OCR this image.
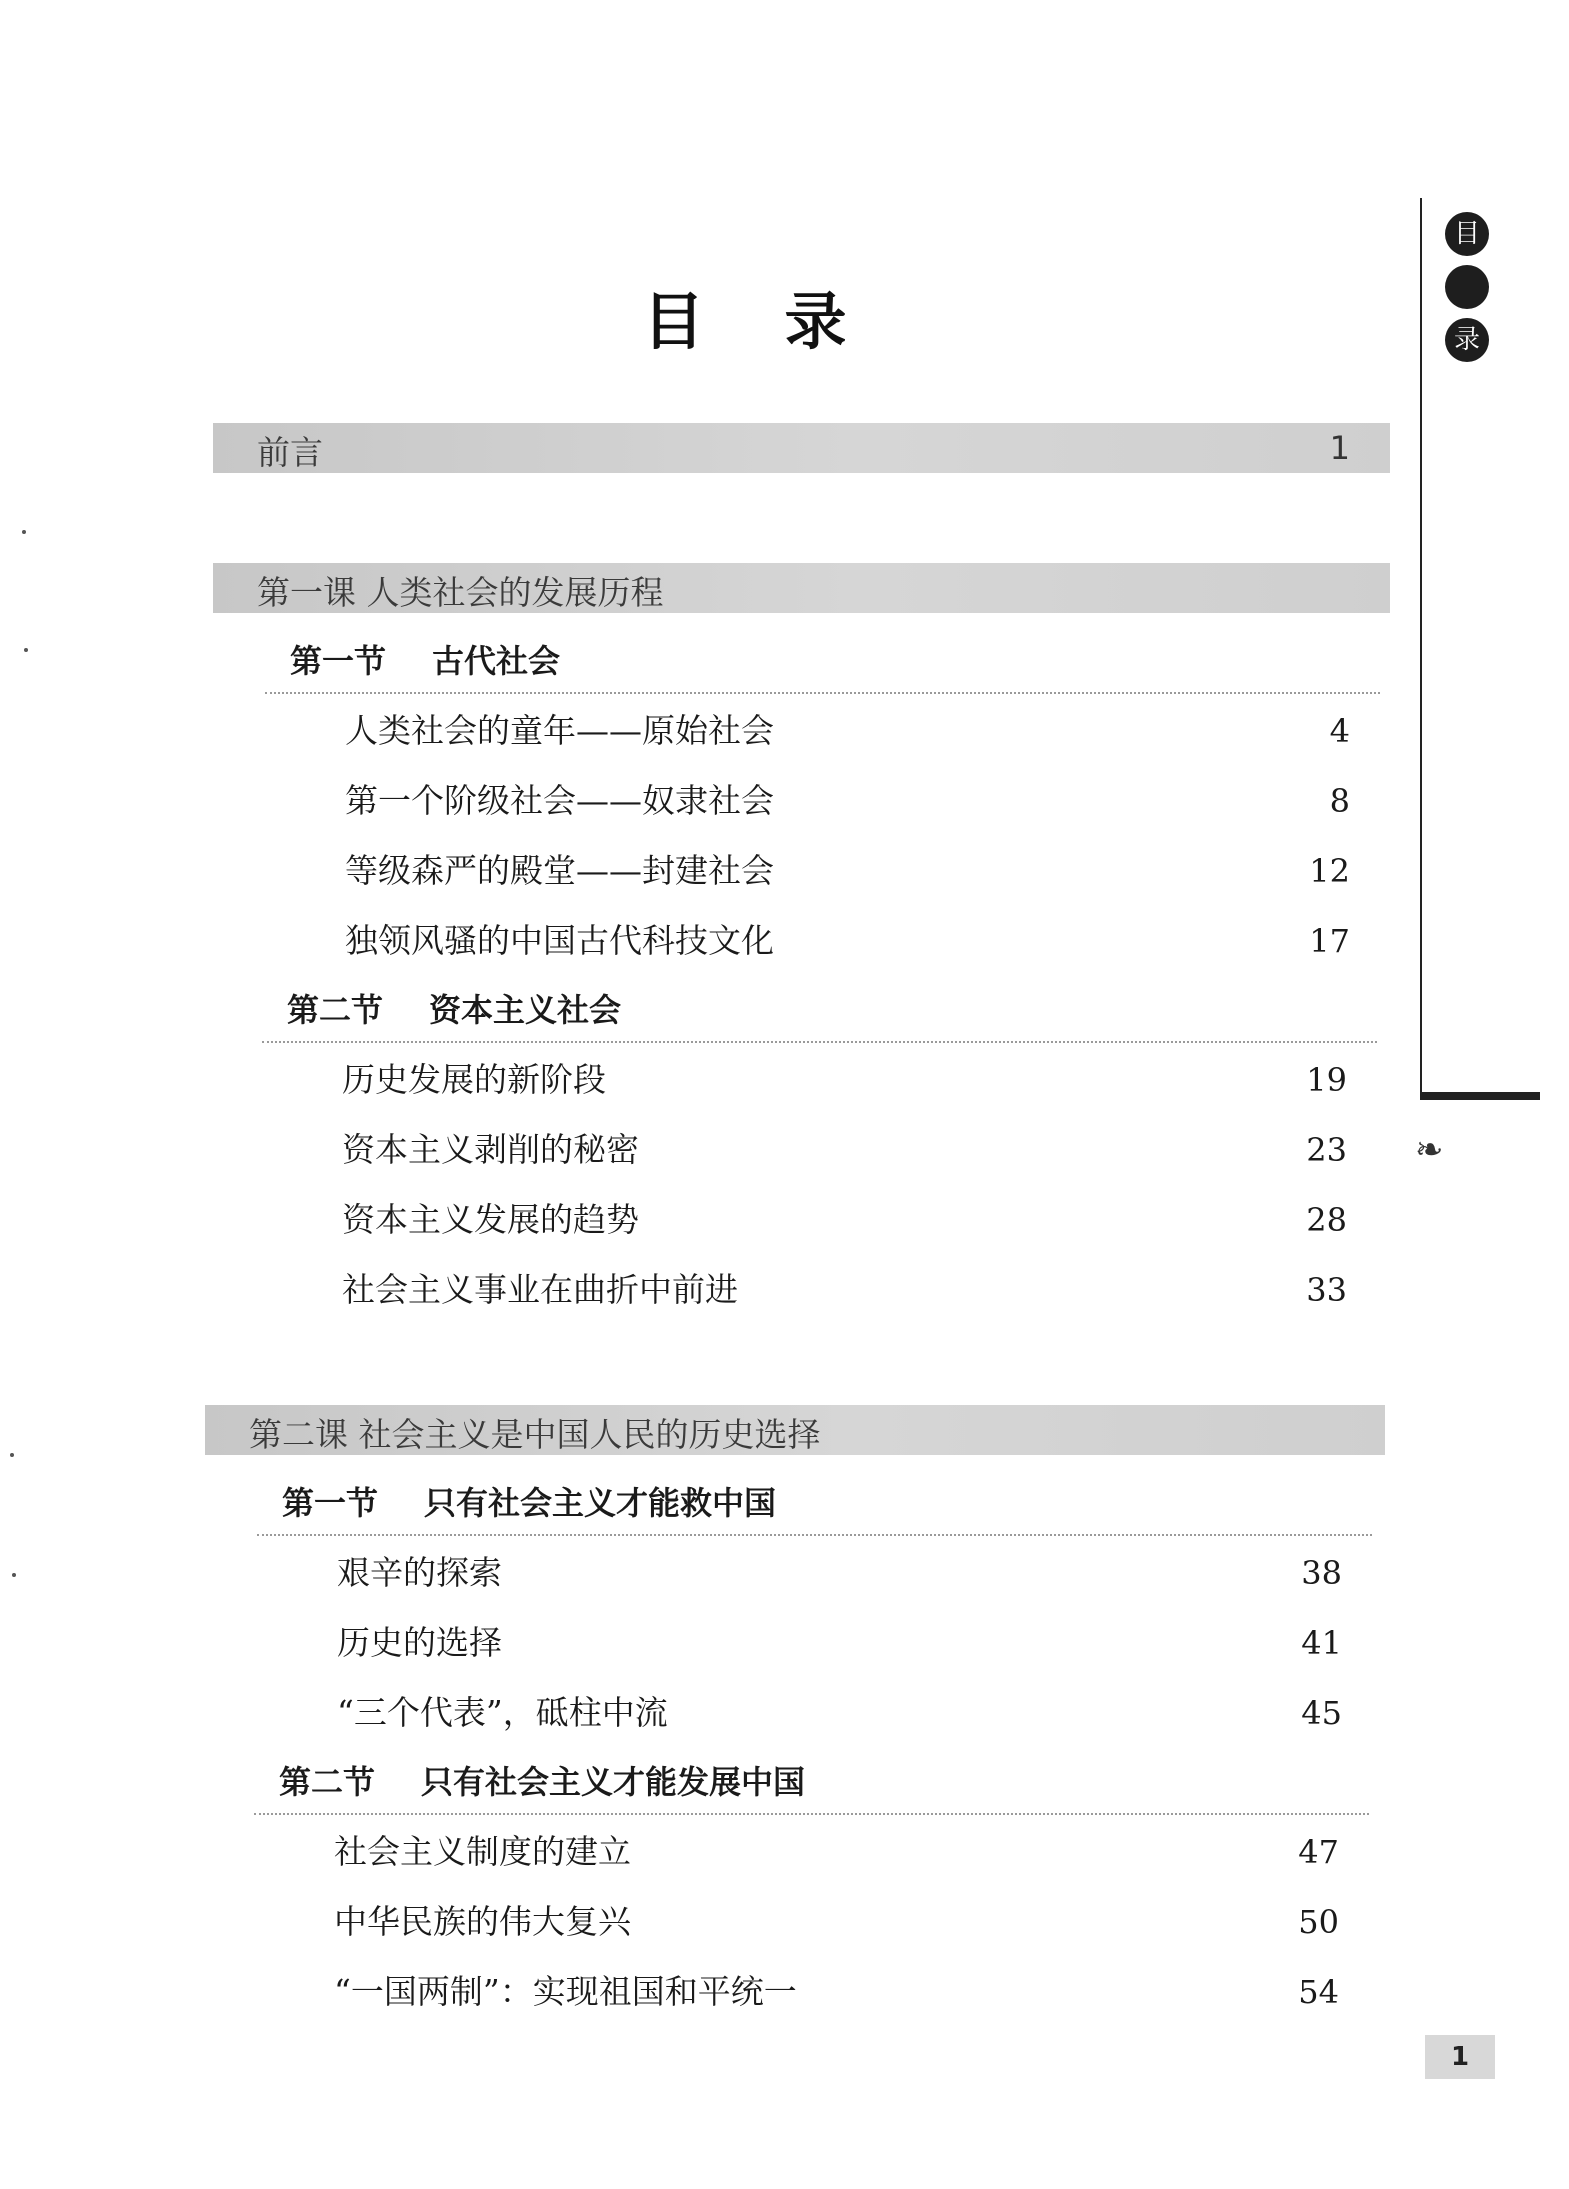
目录
前言	1
第一课 人类社会的发展历程
第一节 古代社会
人类社会的童年——原始社会	4
第一个阶级社会——奴隶社会	8
等级森严的殿堂——封建社会	12
独领风骚的中国古代科技文化	17
第二节 资本主义社会
历史发展的新阶段	19
资本主义剥削的秘密	23
资本主义发展的趋势	28
社会主义事业在曲折中前进	33
第二课 社会主义是中国人民的历史选择
第一节 只有社会主义才能救中国
艰辛的探索	38
历史的选择	41
“三个代表”，砥柱中流	45
第二节 只有社会主义才能发展中国
社会主义制度的建立	47
中华民族的伟大复兴	50
“一国两制”：实现祖国和平统一	54
目
录
❧
1
